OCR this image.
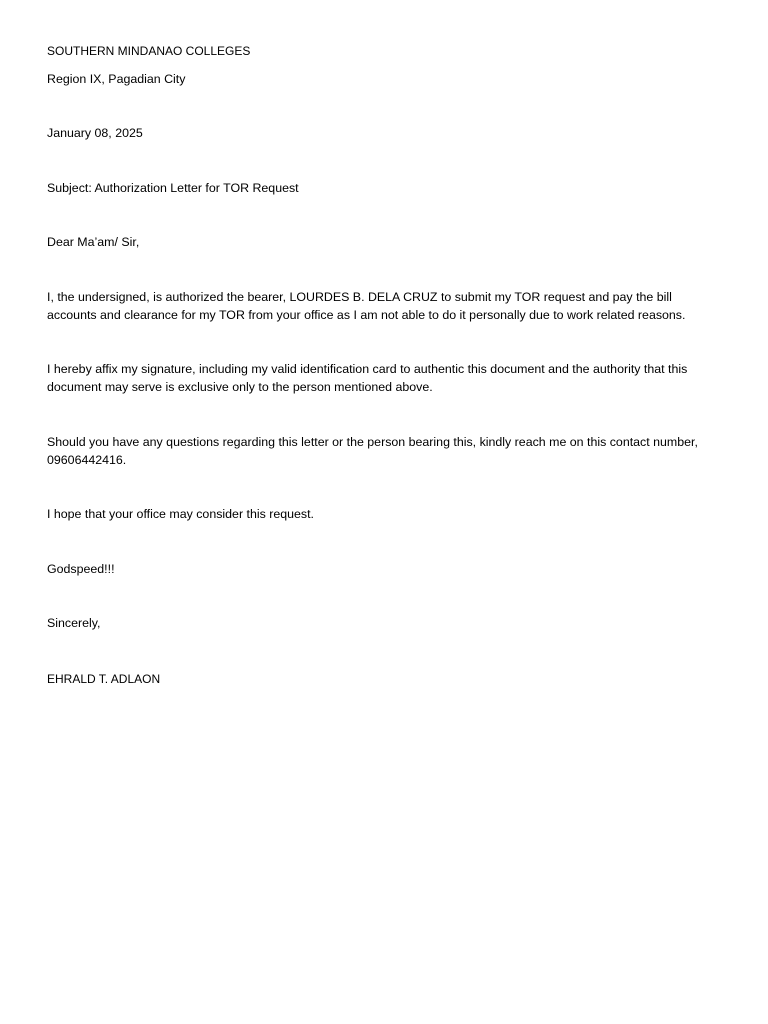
SOUTHERN MINDANAO COLLEGES

Region IX, Pagadian City

January 08, 2025

Subject: Authorization Letter for TOR Request

Dear Ma’am/ Sir,

I, the undersigned, is authorized the bearer, LOURDES B. DELA CRUZ to submit my TOR request and pay the bill accounts and clearance for my TOR from your office as I am not able to do it personally due to work related reasons.

I hereby affix my signature, including my valid identification card to authentic this document and the authority that this document may serve is exclusive only to the person mentioned above.

Should you have any questions regarding this letter or the person bearing this, kindly reach me on this contact number, 09606442416.

I hope that your office may consider this request.

Godspeed!!!

Sincerely,

EHRALD T. ADLAON
